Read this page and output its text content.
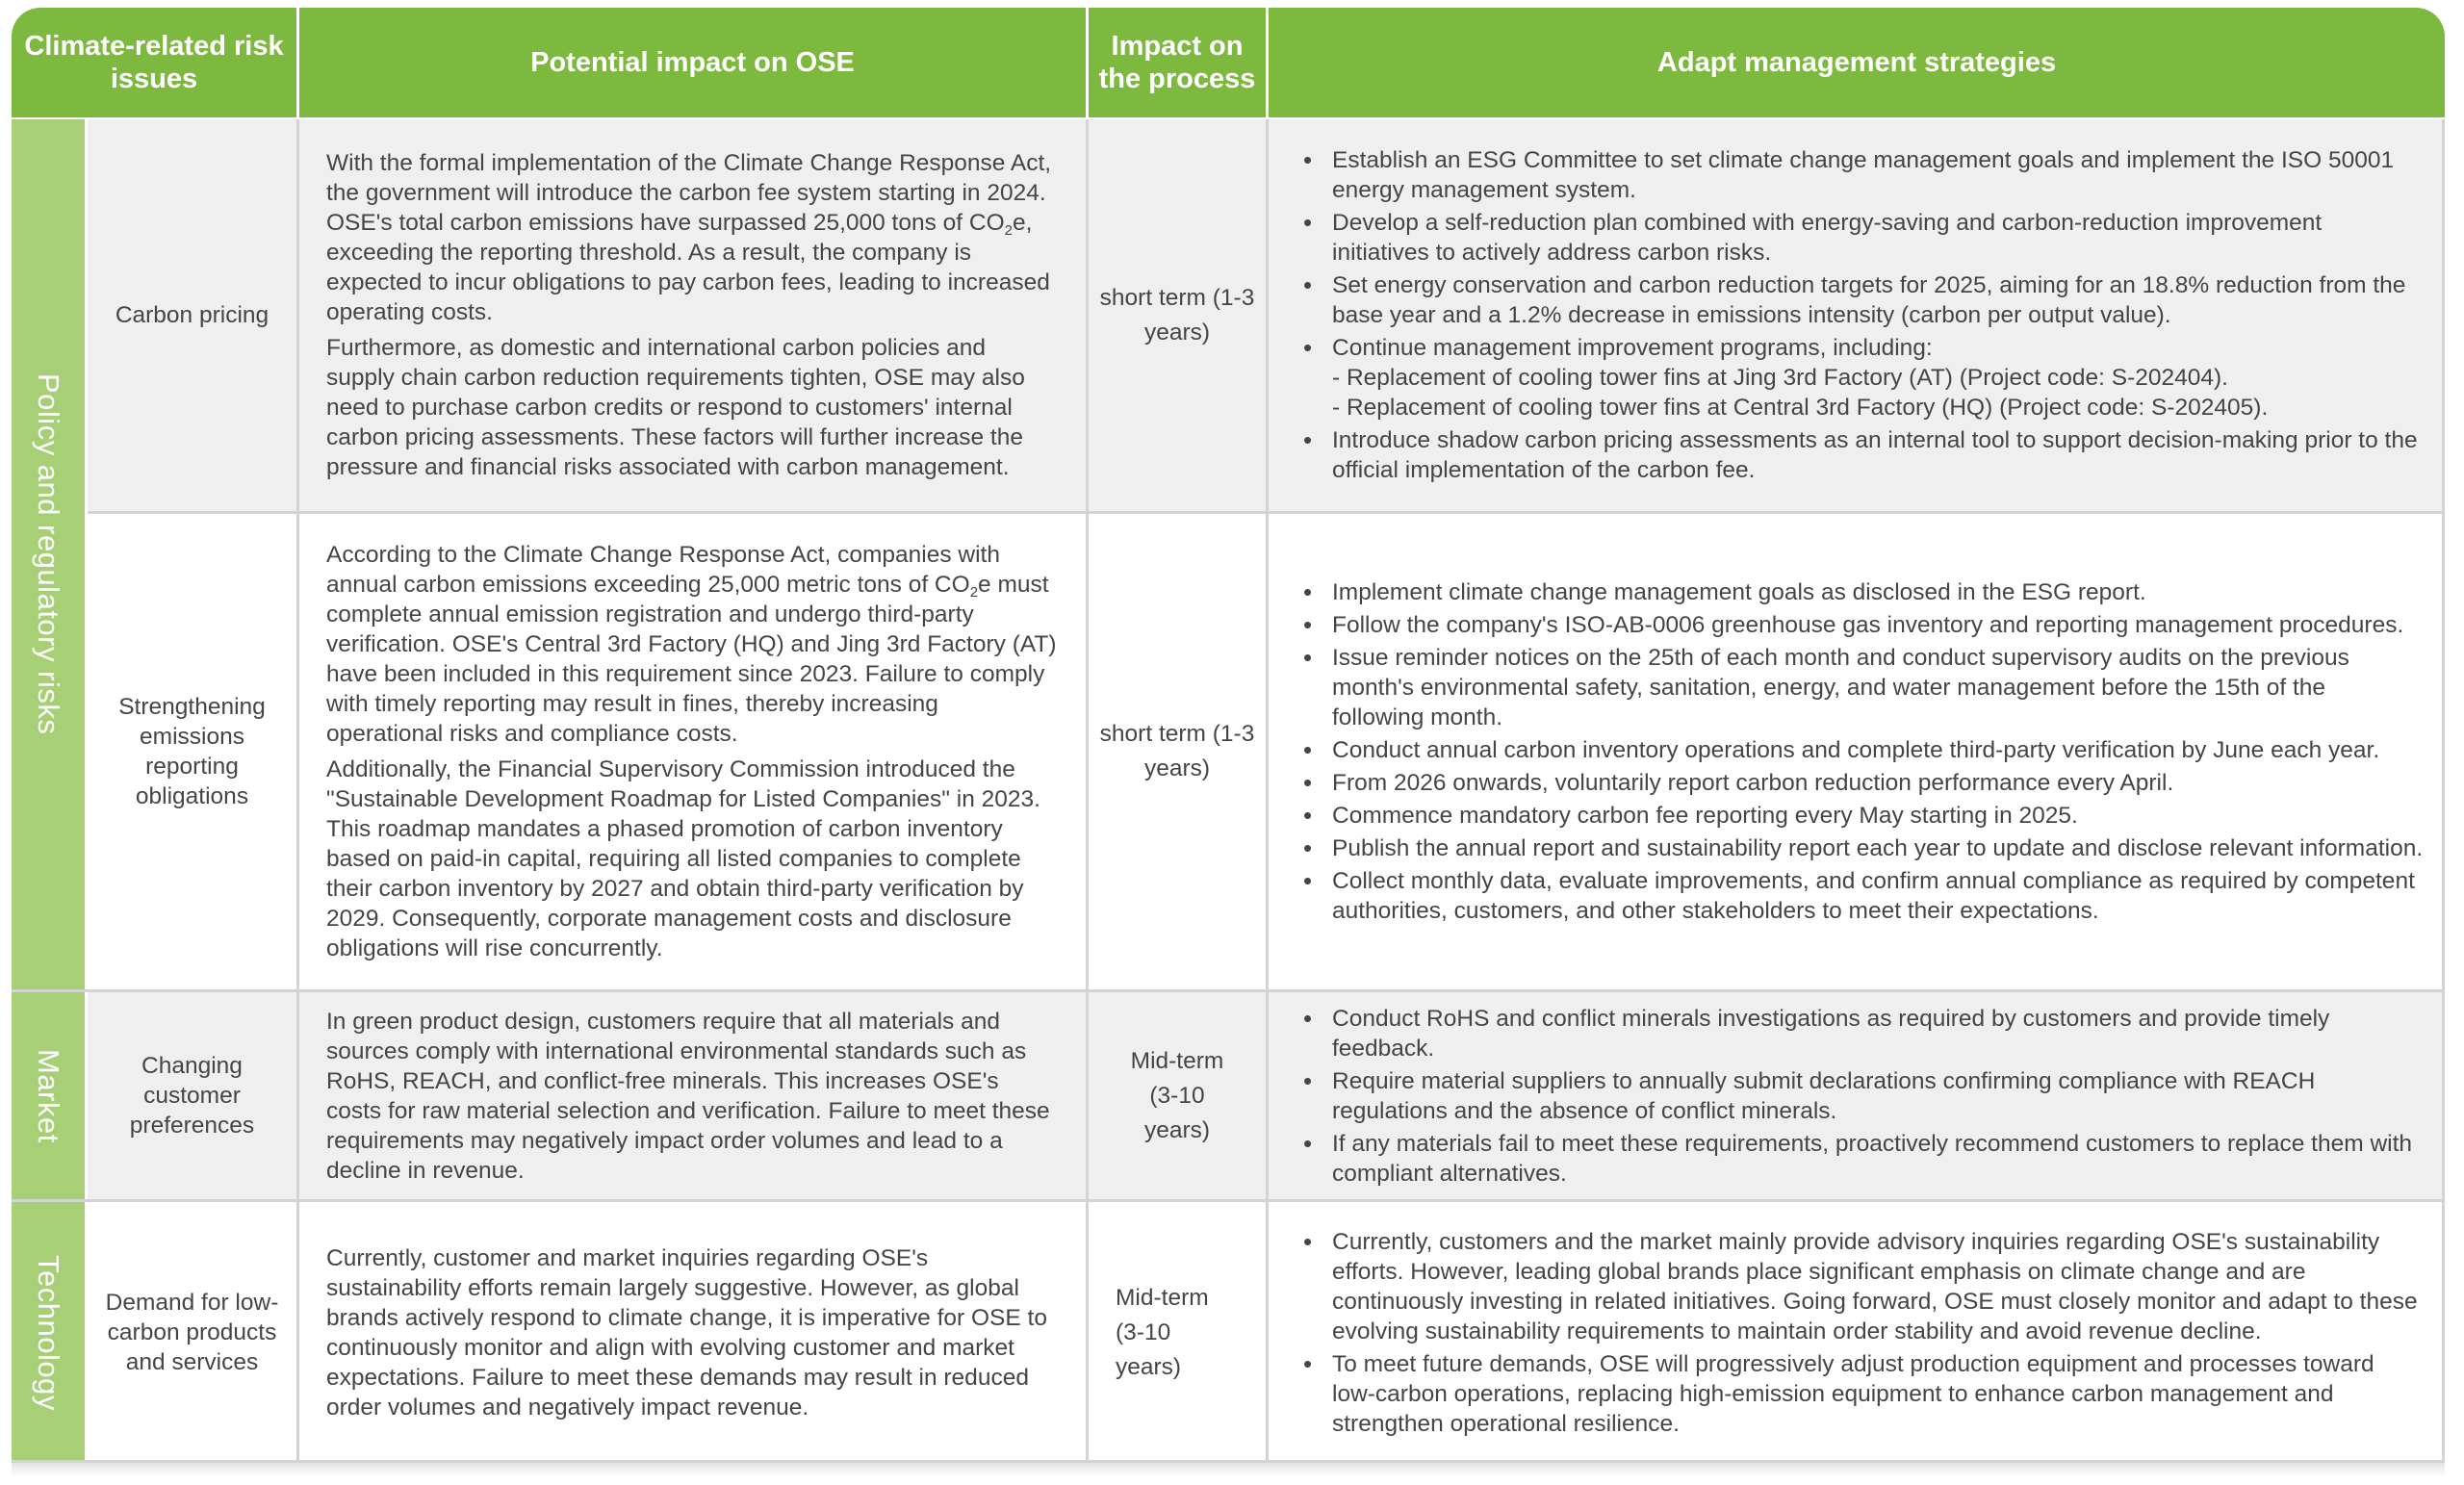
Climate-related risk issues
Potential impact on OSE
Impact on the process
Adapt management strategies
Policy and regulatory risks
Market
Technology
Carbon pricing

With the formal implementation of the Climate Change Response Act, the government will introduce the carbon fee system starting in 2024. OSE's total carbon emissions have surpassed 25,000 tons of $CO_2e$, exceeding the reporting threshold. As a result, the company is expected to incur obligations to pay carbon fees, leading to increased operating costs.

Furthermore, as domestic and international carbon policies and supply chain carbon reduction requirements tighten, OSE may also need to purchase carbon credits or respond to customers' internal carbon pricing assessments. These factors will further increase the pressure and financial risks associated with carbon management.

short term (1-3 years)
• Establish an ESG Committee to set climate change management goals and implement the ISO 50001 energy management system.
• Develop a self-reduction plan combined with energy-saving and carbon-reduction improvement initiatives to actively address carbon risks.
• Set energy conservation and carbon reduction targets for 2025, aiming for an 18.8% reduction from the base year and a 1.2% decrease in emissions intensity (carbon per output value).
• Continue management improvement programs, including:
- Replacement of cooling tower fins at Jing 3rd Factory (AT) (Project code: S-202404).
- Replacement of cooling tower fins at Central 3rd Factory (HQ) (Project code: S-202405).
• Introduce shadow carbon pricing assessments as an internal tool to support decision-making prior to the official implementation of the carbon fee.
Strengthening emissions reporting obligations

According to the Climate Change Response Act, companies with annual carbon emissions exceeding 25,000 metric tons of $CO_2e$ must complete annual emission registration and undergo third-party verification. OSE's Central 3rd Factory (HQ) and Jing 3rd Factory (AT) have been included in this requirement since 2023. Failure to comply with timely reporting may result in fines, thereby increasing operational risks and compliance costs.

Additionally, the Financial Supervisory Commission introduced the "Sustainable Development Roadmap for Listed Companies" in 2023. This roadmap mandates a phased promotion of carbon inventory based on paid-in capital, requiring all listed companies to complete their carbon inventory by 2027 and obtain third-party verification by 2029. Consequently, corporate management costs and disclosure obligations will rise concurrently.

short term (1-3 years)
• Implement climate change management goals as disclosed in the ESG report.
• Follow the company's ISO-AB-0006 greenhouse gas inventory and reporting management procedures.
• Issue reminder notices on the 25th of each month and conduct supervisory audits on the previous month's environmental safety, sanitation, energy, and water management before the 15th of the following month.
• Conduct annual carbon inventory operations and complete third-party verification by June each year.
• From 2026 onwards, voluntarily report carbon reduction performance every April.
• Commence mandatory carbon fee reporting every May starting in 2025.
• Publish the annual report and sustainability report each year to update and disclose relevant information.
• Collect monthly data, evaluate improvements, and confirm annual compliance as required by competent authorities, customers, and other stakeholders to meet their expectations.
Changing customer preferences

In green product design, customers require that all materials and sources comply with international environmental standards such as RoHS, REACH, and conflict-free minerals. This increases OSE's costs for raw material selection and verification. Failure to meet these requirements may negatively impact order volumes and lead to a decline in revenue.

Mid-term
(3-10
years)
• Conduct RoHS and conflict minerals investigations as required by customers and provide timely feedback.
• Require material suppliers to annually submit declarations confirming compliance with REACH regulations and the absence of conflict minerals.
• If any materials fail to meet these requirements, proactively recommend customers to replace them with compliant alternatives.
Demand for low-carbon products and services

Currently, customer and market inquiries regarding OSE's sustainability efforts remain largely suggestive. However, as global brands actively respond to climate change, it is imperative for OSE to continuously monitor and align with evolving customer and market expectations. Failure to meet these demands may result in reduced order volumes and negatively impact revenue.

Mid-term
(3-10
years)
• Currently, customers and the market mainly provide advisory inquiries regarding OSE's sustainability efforts. However, leading global brands place significant emphasis on climate change and are continuously investing in related initiatives. Going forward, OSE must closely monitor and adapt to these evolving sustainability requirements to maintain order stability and avoid revenue decline.
• To meet future demands, OSE will progressively adjust production equipment and processes toward low-carbon operations, replacing high-emission equipment to enhance carbon management and strengthen operational resilience.
